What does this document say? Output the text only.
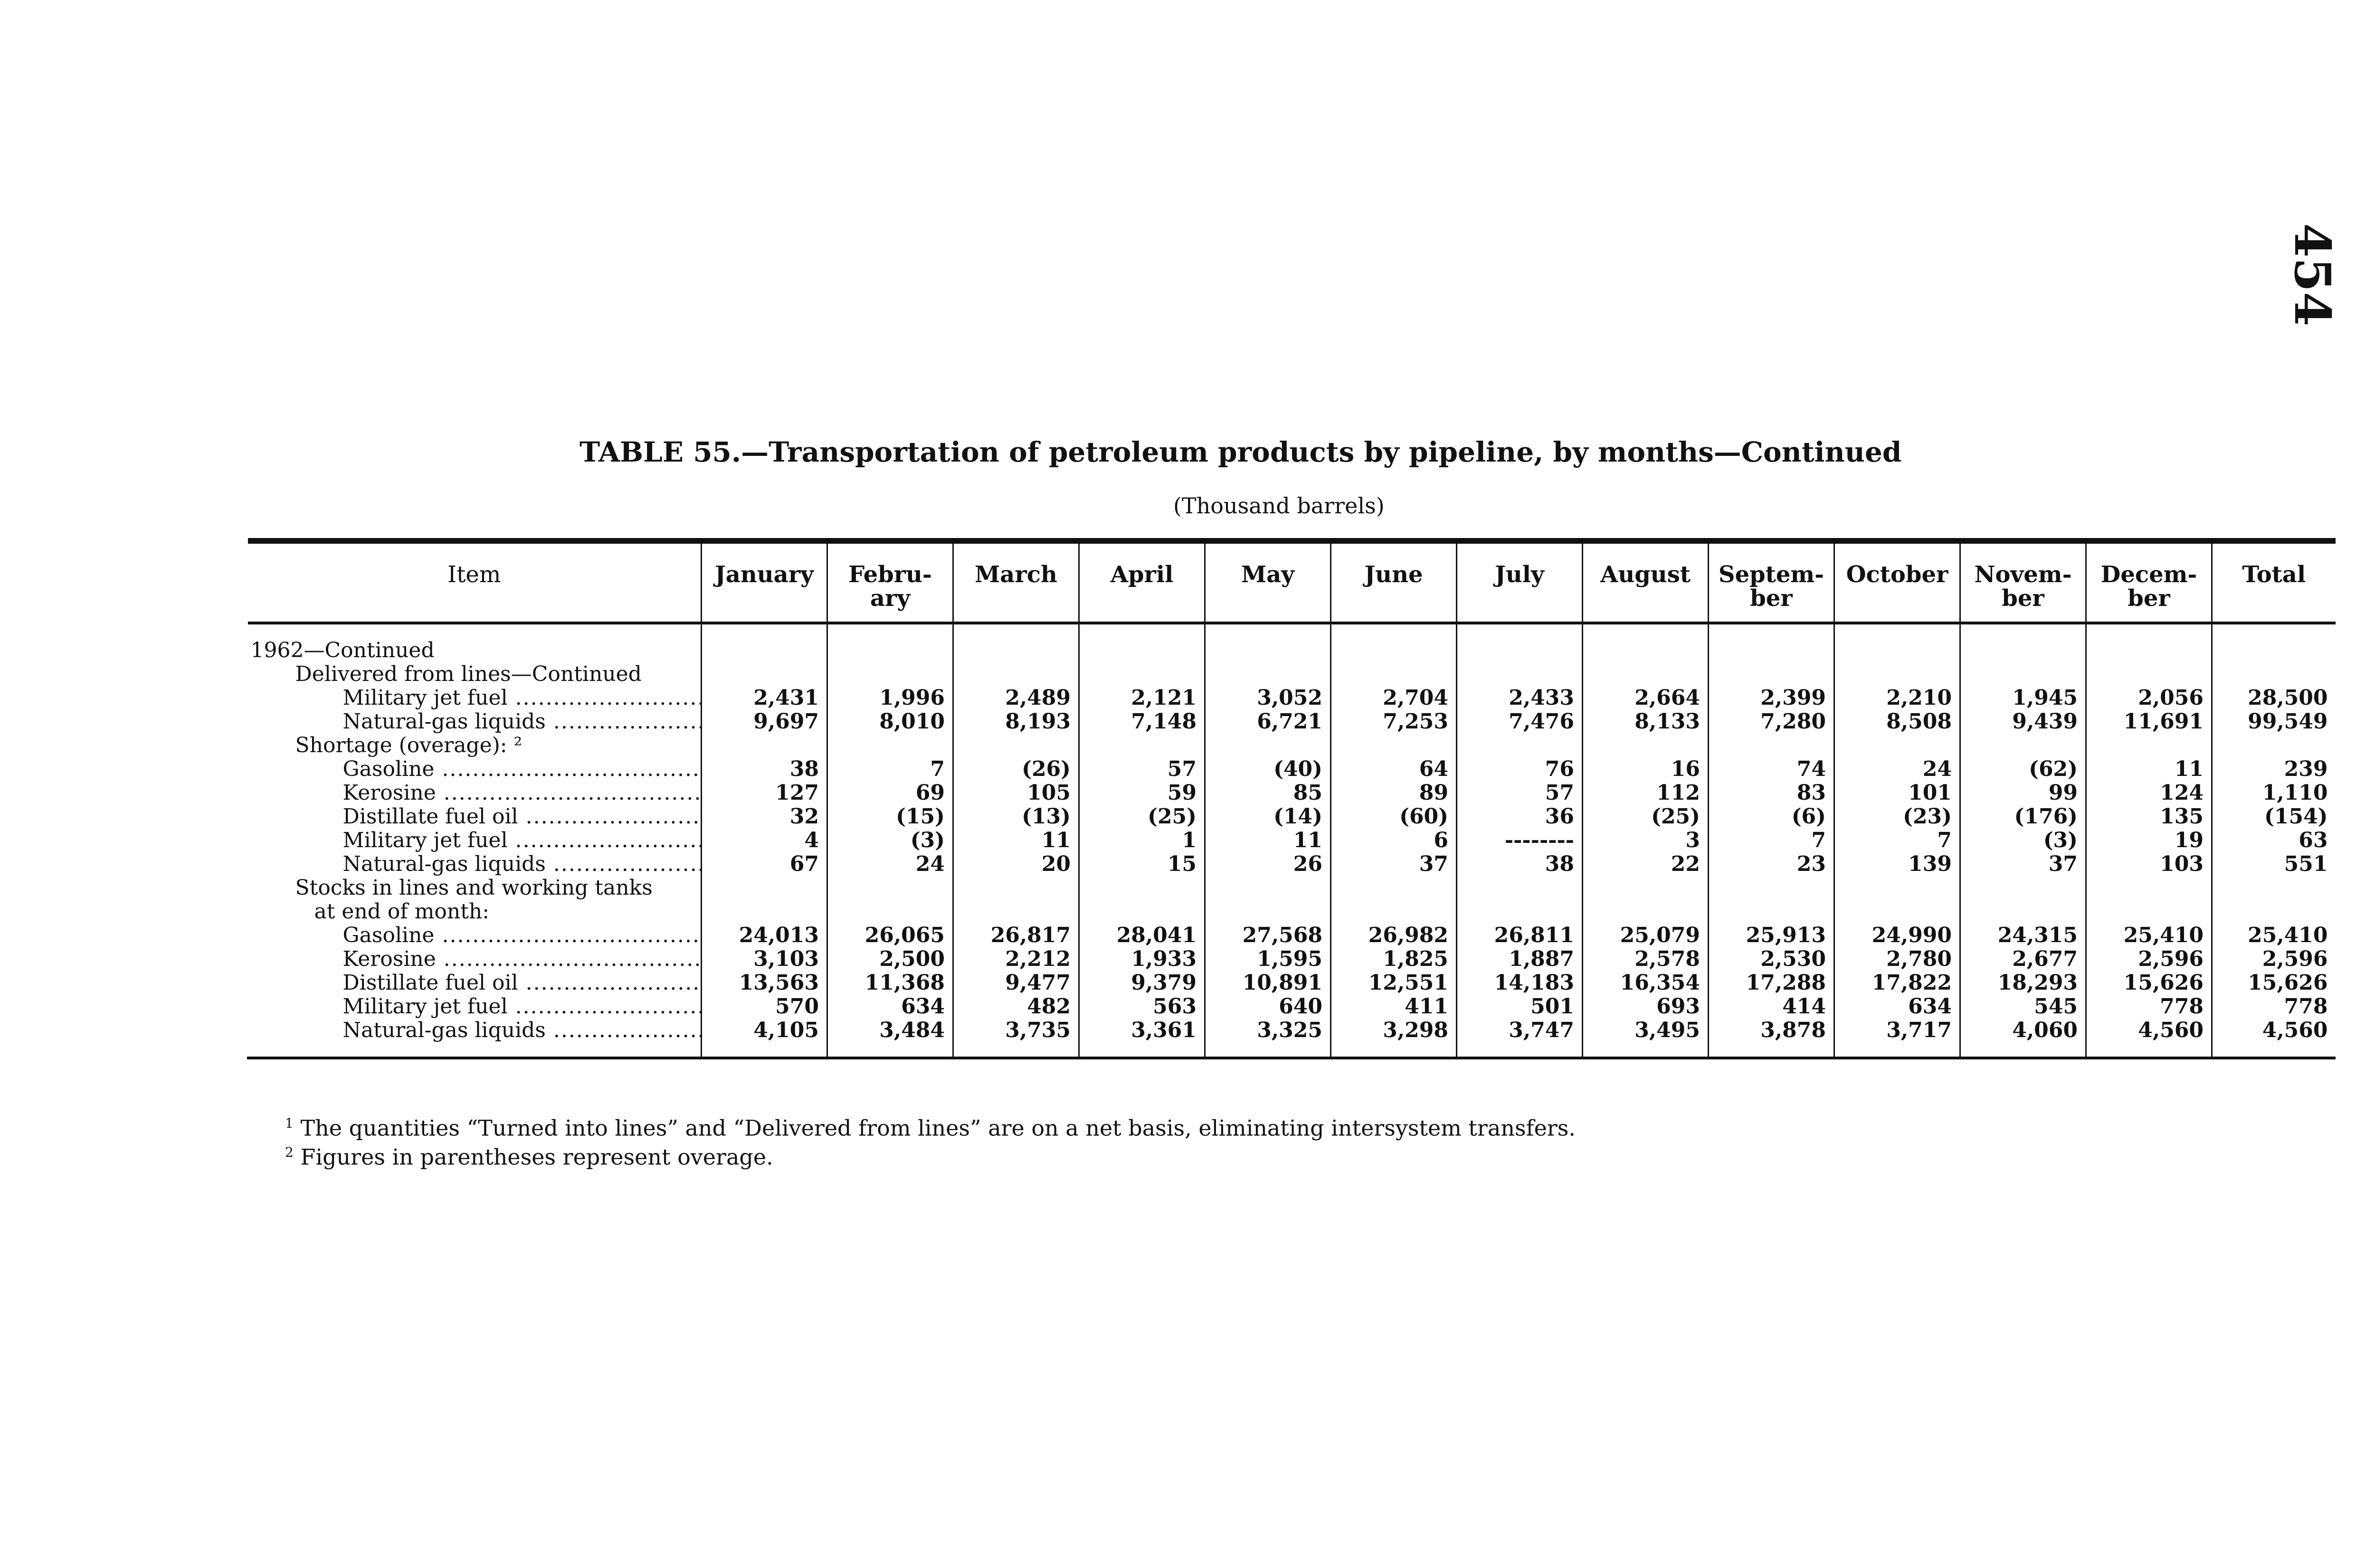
454
TABLE 55.—Transportation of petroleum products by pipeline, by months—Continued
(Thousand barrels)

Item	January	Febru-
ary	March	April	May	June	July	August	Septem-
ber	October	Novem-
ber	Decem-
ber	Total
1962—Continued													
Delivered from lines—Continued													
Military jet fuel .....	2,431	1,996	2,489	2,121	3,052	2,704	2,433	2,664	2,399	2,210	1,945	2,056	28,500
Natural-gas liquids .....	9,697	8,010	8,193	7,148	6,721	7,253	7,476	8,133	7,280	8,508	9,439	11,691	99,549
Shortage (overage): ²													
Gasoline .....	38	7	(26)	57	(40)	64	76	16	74	24	(62)	11	239
Kerosine .....	127	69	105	59	85	89	57	112	83	101	99	124	1,110
Distillate fuel oil .....	32	(15)	(13)	(25)	(14)	(60)	36	(25)	(6)	(23)	(176)	135	(154)
Military jet fuel .....	4	(3)	11	1	11	6	--------	3	7	7	(3)	19	63
Natural-gas liquids .....	67	24	20	15	26	37	38	22	23	139	37	103	551
Stocks in lines and working tanks													
at end of month:													
Gasoline .....	24,013	26,065	26,817	28,041	27,568	26,982	26,811	25,079	25,913	24,990	24,315	25,410	25,410
Kerosine .....	3,103	2,500	2,212	1,933	1,595	1,825	1,887	2,578	2,530	2,780	2,677	2,596	2,596
Distillate fuel oil .....	13,563	11,368	9,477	9,379	10,891	12,551	14,183	16,354	17,288	17,822	18,293	15,626	15,626
Military jet fuel .....	570	634	482	563	640	411	501	693	414	634	545	778	778
Natural-gas liquids .....	4,105	3,484	3,735	3,361	3,325	3,298	3,747	3,495	3,878	3,717	4,060	4,560	4,560

$^1$ The quantities “Turned into lines” and “Delivered from lines” are on a net basis, eliminating intersystem transfers.
$^2$ Figures in parentheses represent overage.
